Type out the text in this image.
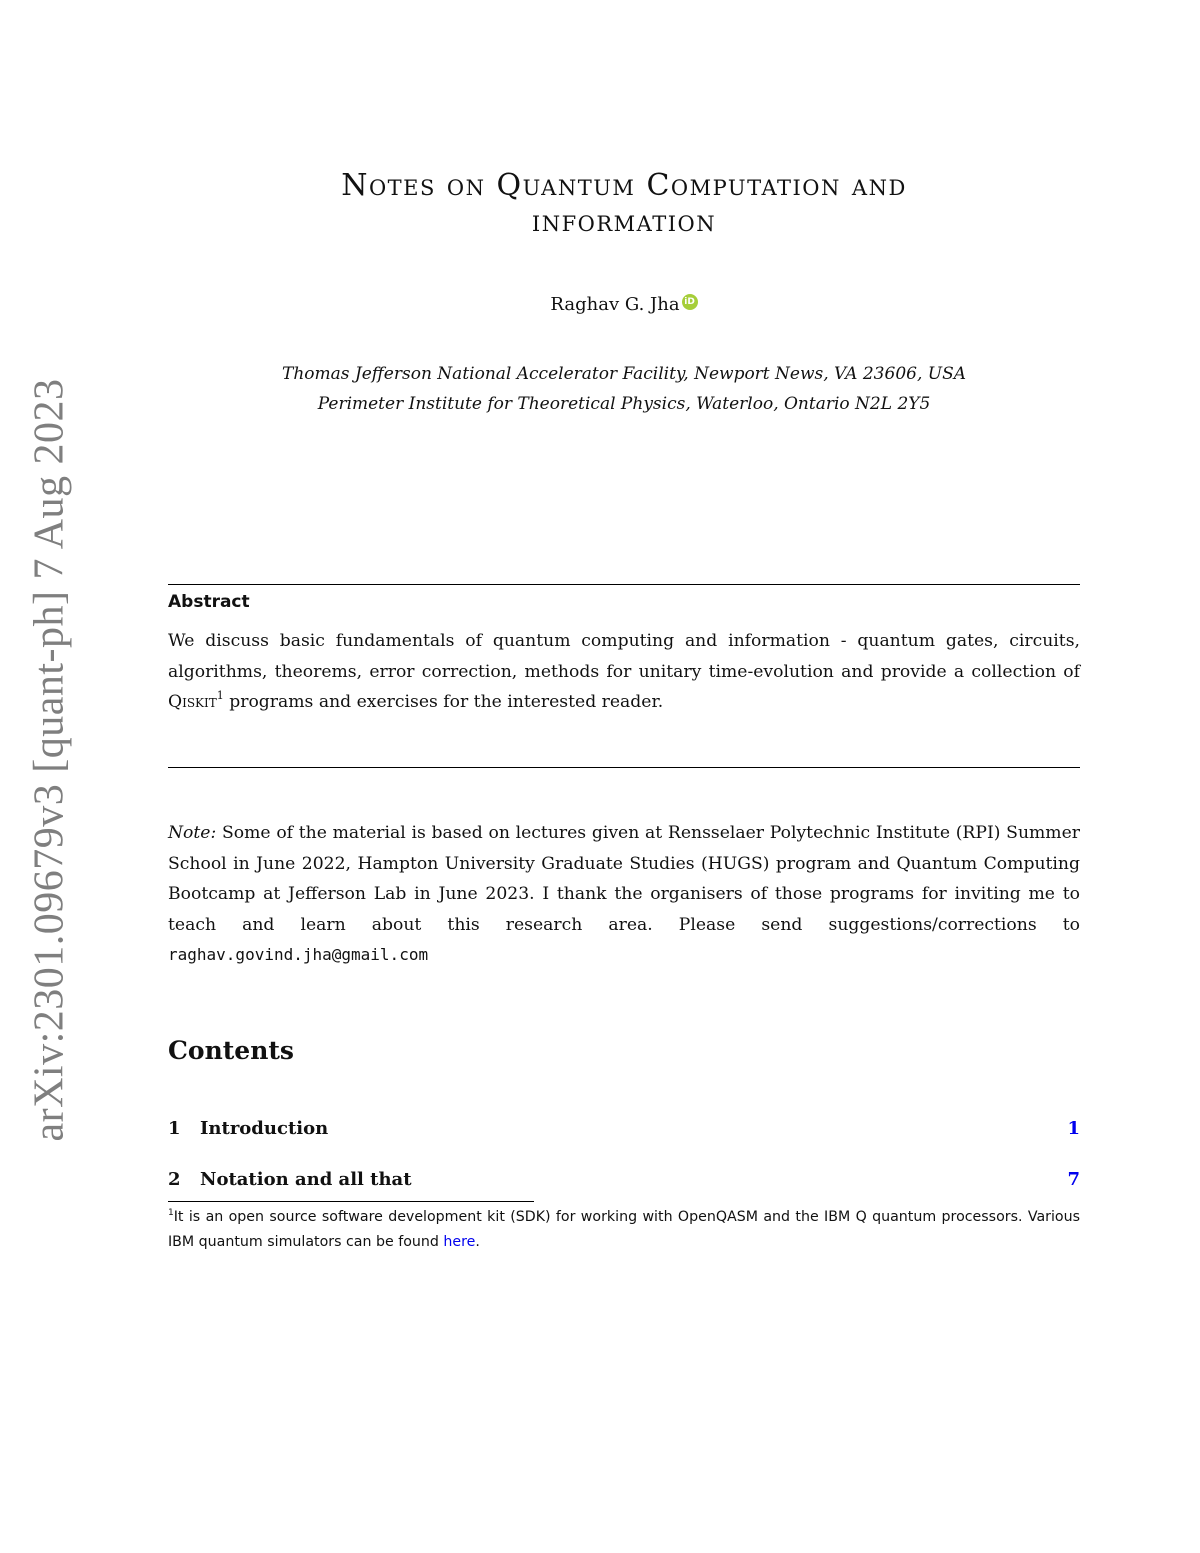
arXiv:2301.09679v3 [quant-ph] 7 Aug 2023
Notes on Quantum Computation and
information
Raghav G. Jha iD
Thomas Jefferson National Accelerator Facility, Newport News, VA 23606, USA
Perimeter Institute for Theoretical Physics, Waterloo, Ontario N2L 2Y5
Abstract

We discuss basic fundamentals of quantum computing and information - quantum gates, circuits, algorithms, theorems, error correction, methods for unitary time-evolution and provide a collection of Qiskit$^1$ programs and exercises for the interested reader.

Note: Some of the material is based on lectures given at Rensselaer Polytechnic Institute (RPI) Summer School in June 2022, Hampton University Graduate Studies (HUGS) program and Quantum Computing Bootcamp at Jefferson Lab in June 2023. I thank the organisers of those programs for inviting me to teach and learn about this research area. Please send suggestions/corrections to raghav.govind.jha@gmail.com

Contents
1	Introduction	1
2	Notation and all that	7

$^1$It is an open source software development kit (SDK) for working with OpenQASM and the IBM Q quantum processors. Various IBM quantum simulators can be found here.
